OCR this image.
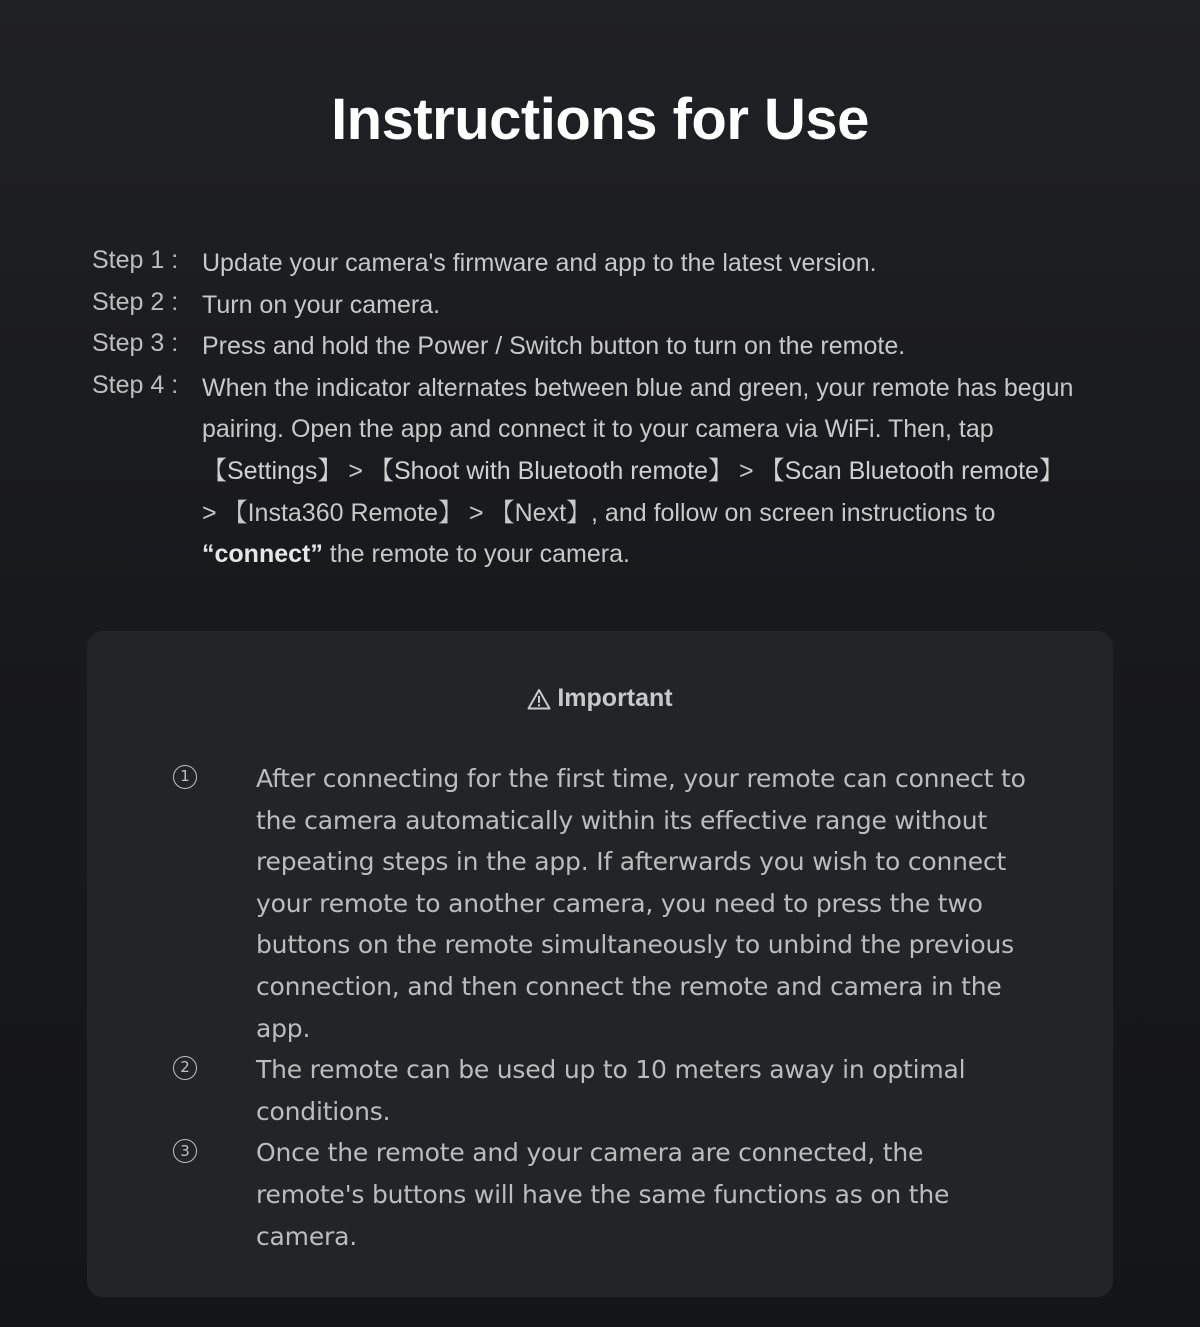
Instructions for Use
Step 1 : Update your camera's firmware and app to the latest version.
Step 2 : Turn on your camera.
Step 3 : Press and hold the Power / Switch button to turn on the remote.
Step 4 : When the indicator alternates between blue and green, your remote has begun pairing. Open the app and connect it to your camera via WiFi. Then, tap
【Settings】 > 【Shoot with Bluetooth remote】 > 【Scan Bluetooth remote】
> 【Insta360 Remote】 > 【Next】, and follow on screen instructions to
“connect” the remote to your camera.
Important
1	After connecting for the first time, your remote can connect to the camera automatically within its effective range without repeating steps in the app. If afterwards you wish to connect your remote to another camera, you need to press the two buttons on the remote simultaneously to unbind the previous connection, and then connect the remote and camera in the app.
2	The remote can be used up to 10 meters away in optimal conditions.
3	Once the remote and your camera are connected, the remote's buttons will have the same functions as on the camera.
